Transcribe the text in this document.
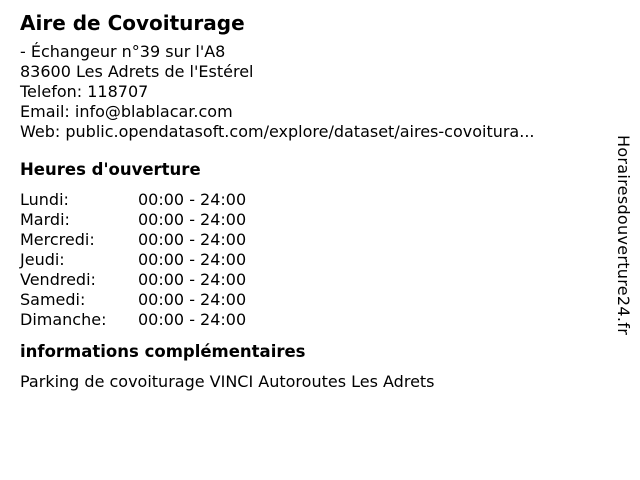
Aire de Covoiturage
- Échangeur n°39 sur l'A8
83600 Les Adrets de l'Estérel
Telefon: 118707
Email: info@blablacar.com
Web: public.opendatasoft.com/explore/dataset/aires-covoitura...
Heures d'ouverture
Lundi:	00:00 - 24:00
Mardi:	00:00 - 24:00
Mercredi:	00:00 - 24:00
Jeudi:	00:00 - 24:00
Vendredi:	00:00 - 24:00
Samedi:	00:00 - 24:00
Dimanche:	00:00 - 24:00
informations complémentaires
Parking de covoiturage VINCI Autoroutes Les Adrets
Horairesdouverture24.fr
